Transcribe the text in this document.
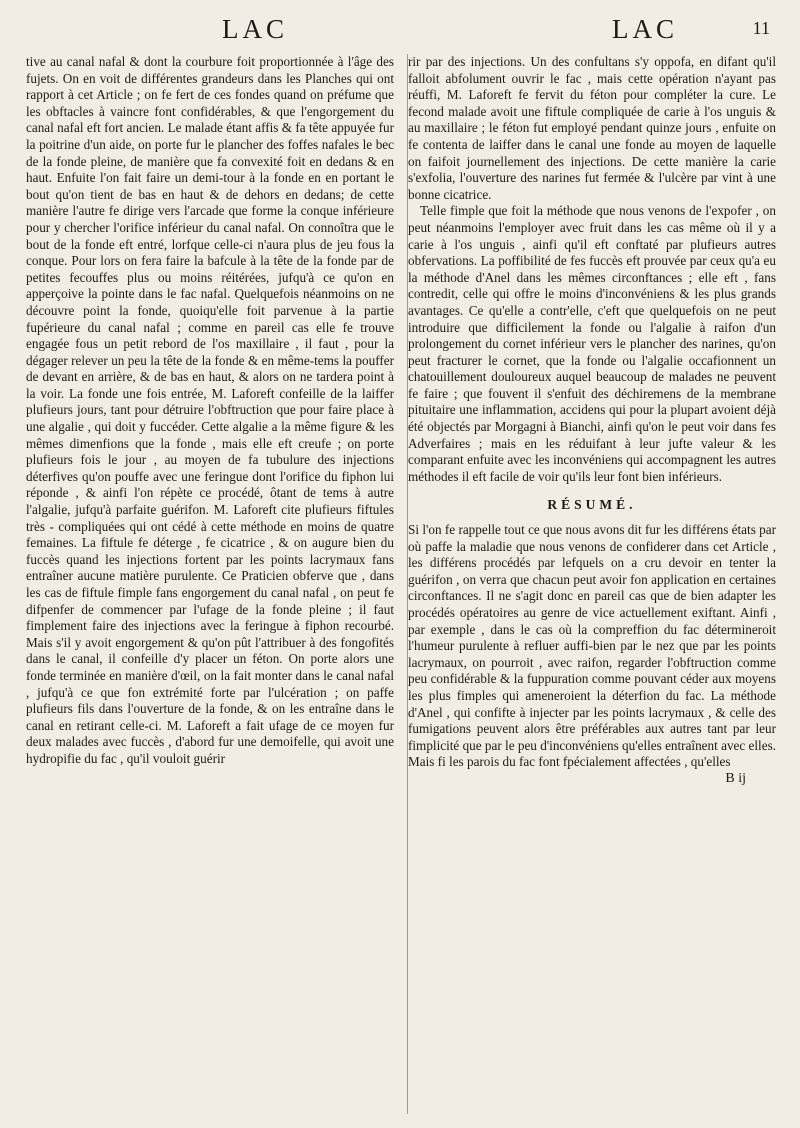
LAC	LAC	11

tive au canal nafal & dont la courbure foit proportionnée à l'âge des fujets. On en voit de différentes grandeurs dans les Planches qui ont rapport à cet Article ; on fe fert de ces fondes quand on préfume que les obftacles à vaincre font confidérables, & que l'engorgement du canal nafal eft fort ancien. Le malade étant affis & fa tête appuyée fur la poitrine d'un aide, on porte fur le plancher des foffes nafales le bec de la fonde pleine, de manière que fa convexité foit en dedans & en haut. Enfuite l'on fait faire un demi-tour à la fonde en en portant le bout qu'on tient de bas en haut & de dehors en dedans; de cette manière l'autre fe dirige vers l'arcade que forme la conque inférieure pour y chercher l'orifice inférieur du canal nafal. On connoîtra que le bout de la fonde eft entré, lorfque celle-ci n'aura plus de jeu fous la conque. Pour lors on fera faire la bafcule à la tête de la fonde par de petites fecouffes plus ou moins réitérées, jufqu'à ce qu'on en apperçoive la pointe dans le fac nafal. Quelquefois néanmoins on ne découvre point la fonde, quoiqu'elle foit parvenue à la partie fupérieure du canal nafal ; comme en pareil cas elle fe trouve engagée fous un petit rebord de l'os maxillaire , il faut , pour la dégager relever un peu la tête de la fonde & en même-tems la pouffer de devant en arrière, & de bas en haut, & alors on ne tardera point à la voir. La fonde une fois entrée, M. Laforeft confeille de la laiffer plufieurs jours, tant pour détruire l'obftruction que pour faire place à une algalie , qui doit y fuccéder. Cette algalie a la même figure & les mêmes dimenfions que la fonde , mais elle eft creufe ; on porte plufieurs fois le jour , au moyen de fa tubulure des injections déterfives qu'on pouffe avec une feringue dont l'orifice du fiphon lui réponde , & ainfi l'on répète ce procédé, ôtant de tems à autre l'algalie, jufqu'à parfaite guérifon. M. Laforeft cite plufieurs fiftules très - compliquées qui ont cédé à cette méthode en moins de quatre femaines. La fiftule fe déterge , fe cicatrice , & on augure bien du fuccès quand les injections fortent par les points lacrymaux fans entraîner aucune matière purulente. Ce Praticien obferve que , dans les cas de fiftule fimple fans engorgement du canal nafal , on peut fe difpenfer de commencer par l'ufage de la fonde pleine ; il faut fimplement faire des injections avec la feringue à fiphon recourbé. Mais s'il y avoit engorgement & qu'on pût l'attribuer à des fongofités dans le canal, il confeille d'y placer un féton. On porte alors une fonde terminée en manière d'œil, on la fait monter dans le canal nafal , jufqu'à ce que fon extrémité forte par l'ulcération ; on paffe plufieurs fils dans l'ouverture de la fonde, & on les entraîne dans le canal en retirant celle-ci. M. Laforeft a fait ufage de ce moyen fur deux malades avec fuccès , d'abord fur une demoifelle, qui avoit une hydropifie du fac , qu'il vouloit guérir

rir par des injections. Un des confultans s'y oppofa, en difant qu'il falloit abfolument ouvrir le fac , mais cette opération n'ayant pas réuffi, M. Laforeft fe fervit du féton pour compléter la cure. Le fecond malade avoit une fiftule compliquée de carie à l'os unguis & au maxillaire ; le féton fut employé pendant quinze jours , enfuite on fe contenta de laiffer dans le canal une fonde au moyen de laquelle on faifoit journellement des injections. De cette manière la carie s'exfolia, l'ouverture des narines fut fermée & l'ulcère par vint à une bonne cicatrice.

Telle fimple que foit la méthode que nous venons de l'expofer , on peut néanmoins l'employer avec fruit dans les cas même où il y a carie à l'os unguis , ainfi qu'il eft conftaté par plufieurs autres obfervations. La poffibilité de fes fuccès eft prouvée par ceux qu'a eu la méthode d'Anel dans les mêmes circonftances ; elle eft , fans contredit, celle qui offre le moins d'inconvéniens & les plus grands avantages. Ce qu'elle a contr'elle, c'eft que quelquefois on ne peut introduire que difficilement la fonde ou l'algalie à raifon d'un prolongement du cornet inférieur vers le plancher des narines, qu'on peut fracturer le cornet, que la fonde ou l'algalie occafionnent un chatouillement douloureux auquel beaucoup de malades ne peuvent fe faire ; que fouvent il s'enfuit des déchiremens de la membrane pituitaire une inflammation, accidens qui pour la plupart avoient déjà été objectés par Morgagni à Bianchi, ainfi qu'on le peut voir dans fes Adverfaires ; mais en les réduifant à leur jufte valeur & les comparant enfuite avec les inconvéniens qui accompagnent les autres méthodes il eft facile de voir qu'ils leur font bien inférieurs.

RÉSUMÉ.

Si l'on fe rappelle tout ce que nous avons dit fur les différens états par où paffe la maladie que nous venons de confiderer dans cet Article , les différens procédés par lefquels on a cru devoir en tenter la guérifon , on verra que chacun peut avoir fon application en certaines circonftances. Il ne s'agit donc en pareil cas que de bien adapter les procédés opératoires au genre de vice actuellement exiftant. Ainfi , par exemple , dans le cas où la compreffion du fac détermineroit l'humeur purulente à refluer auffi-bien par le nez que par les points lacrymaux, on pourroit , avec raifon, regarder l'obftruction comme peu confidérable & la fuppuration comme pouvant céder aux moyens les plus fimples qui ameneroient la déterfion du fac. La méthode d'Anel , qui confifte à injecter par les points lacrymaux , & celle des fumigations peuvent alors être préférables aux autres tant par leur fimplicité que par le peu d'inconvéniens qu'elles entraînent avec elles. Mais fi les parois du fac font fpécialement affectées , qu'elles

B ij
